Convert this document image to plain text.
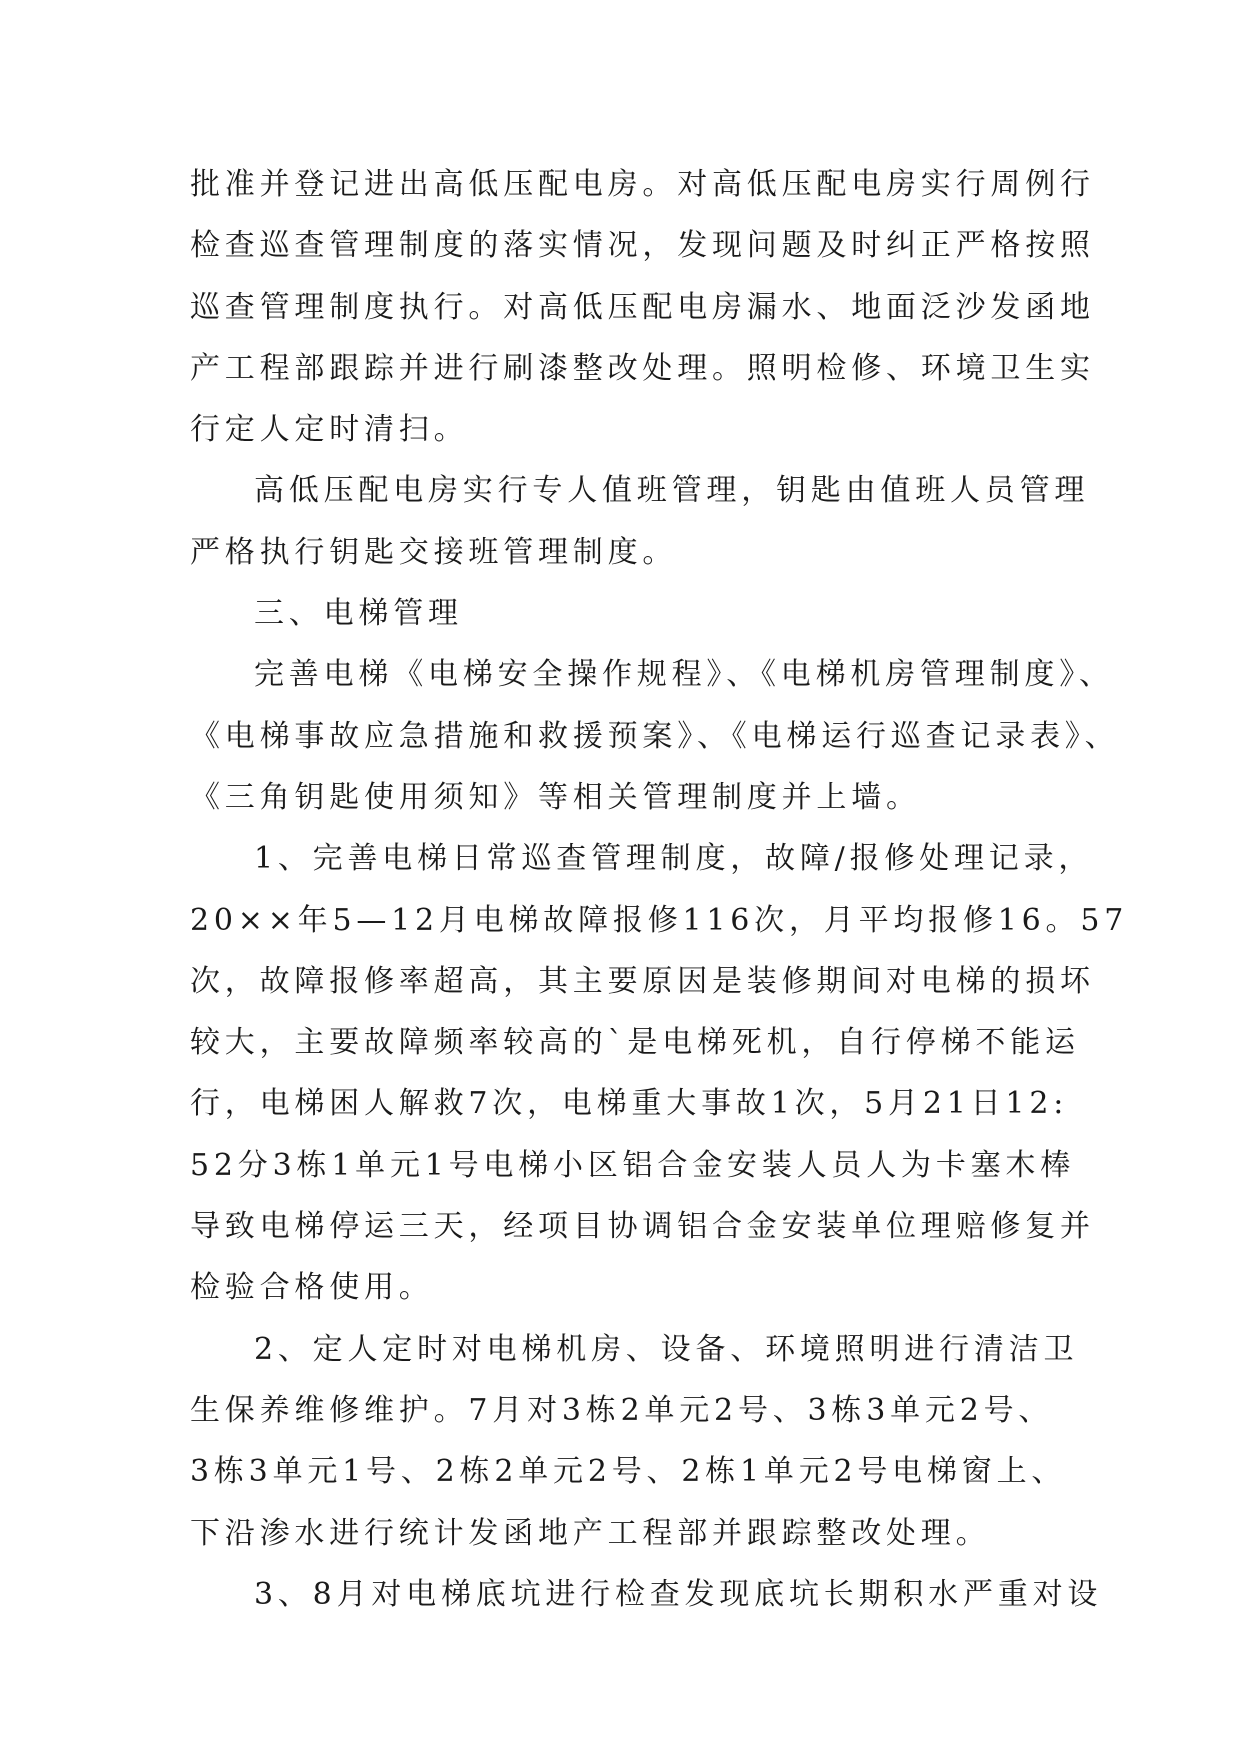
批准并登记进出高低压配电房。对高低压配电房实行周例行
检查巡查管理制度的落实情况，发现问题及时纠正严格按照
巡查管理制度执行。对高低压配电房漏水、地面泛沙发函地
产工程部跟踪并进行刷漆整改处理。照明检修、环境卫生实
行定人定时清扫。
高低压配电房实行专人值班管理，钥匙由值班人员管理
严格执行钥匙交接班管理制度。
三、电梯管理
完善电梯《电梯安全操作规程》、《电梯机房管理制度》、
《电梯事故应急措施和救援预案》、《电梯运行巡查记录表》、
《三角钥匙使用须知》等相关管理制度并上墙。
1、完善电梯日常巡查管理制度，故障/报修处理记录，
20××年5—12月电梯故障报修116次，月平均报修16。57
次，故障报修率超高，其主要原因是装修期间对电梯的损坏
较大，主要故障频率较高的`是电梯死机，自行停梯不能运
行，电梯困人解救7次，电梯重大事故1次，5月21日12:
52分3栋1单元1号电梯小区铝合金安装人员人为卡塞木棒
导致电梯停运三天，经项目协调铝合金安装单位理赔修复并
检验合格使用。
2、定人定时对电梯机房、设备、环境照明进行清洁卫
生保养维修维护。7月对3栋2单元2号、3栋3单元2号、
3栋3单元1号、2栋2单元2号、2栋1单元2号电梯窗上、
下沿渗水进行统计发函地产工程部并跟踪整改处理。
3、8月对电梯底坑进行检查发现底坑长期积水严重对设
